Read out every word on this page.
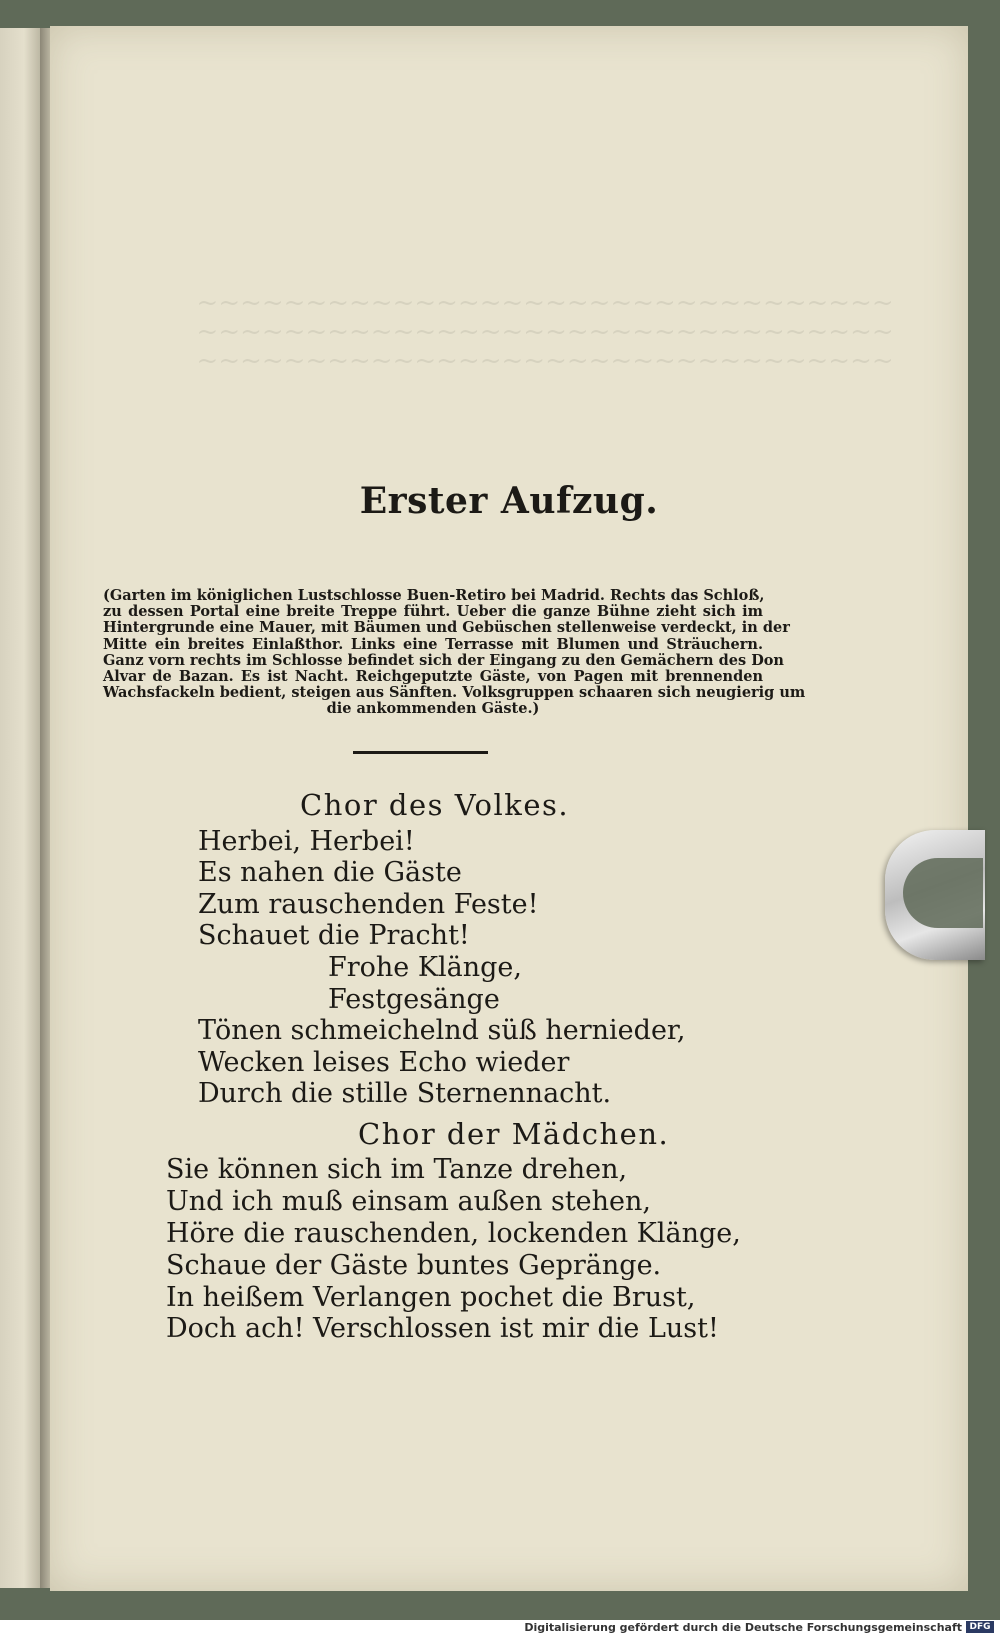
Erster Aufzug.
(Garten im königlichen Lustschlosse Buen-Retiro bei Madrid. Rechts das Schloß,
zu dessen Portal eine breite Treppe führt. Ueber die ganze Bühne zieht sich im
Hintergrunde eine Mauer, mit Bäumen und Gebüschen stellenweise verdeckt, in der
Mitte ein breites Einlaßthor. Links eine Terrasse mit Blumen und Sträuchern.
Ganz vorn rechts im Schlosse befindet sich der Eingang zu den Gemächern des Don
Alvar de Bazan. Es ist Nacht. Reichgeputzte Gäste, von Pagen mit brennenden
Wachsfackeln bedient, steigen aus Sänften. Volksgruppen schaaren sich neugierig um
die ankommenden Gäste.)
Chor des Volkes.
Herbei, Herbei!
Es nahen die Gäste
Zum rauschenden Feste!
Schauet die Pracht!
Frohe Klänge,
Festgesänge
Tönen schmeichelnd süß hernieder,
Wecken leises Echo wieder
Durch die stille Sternennacht.
Chor der Mädchen.
Sie können sich im Tanze drehen,
Und ich muß einsam außen stehen,
Höre die rauschenden, lockenden Klänge,
Schaue der Gäste buntes Gepränge.
In heißem Verlangen pochet die Brust,
Doch ach! Verschlossen ist mir die Lust!
Digitalisierung gefördert durch die Deutsche Forschungsgemeinschaft DFG
